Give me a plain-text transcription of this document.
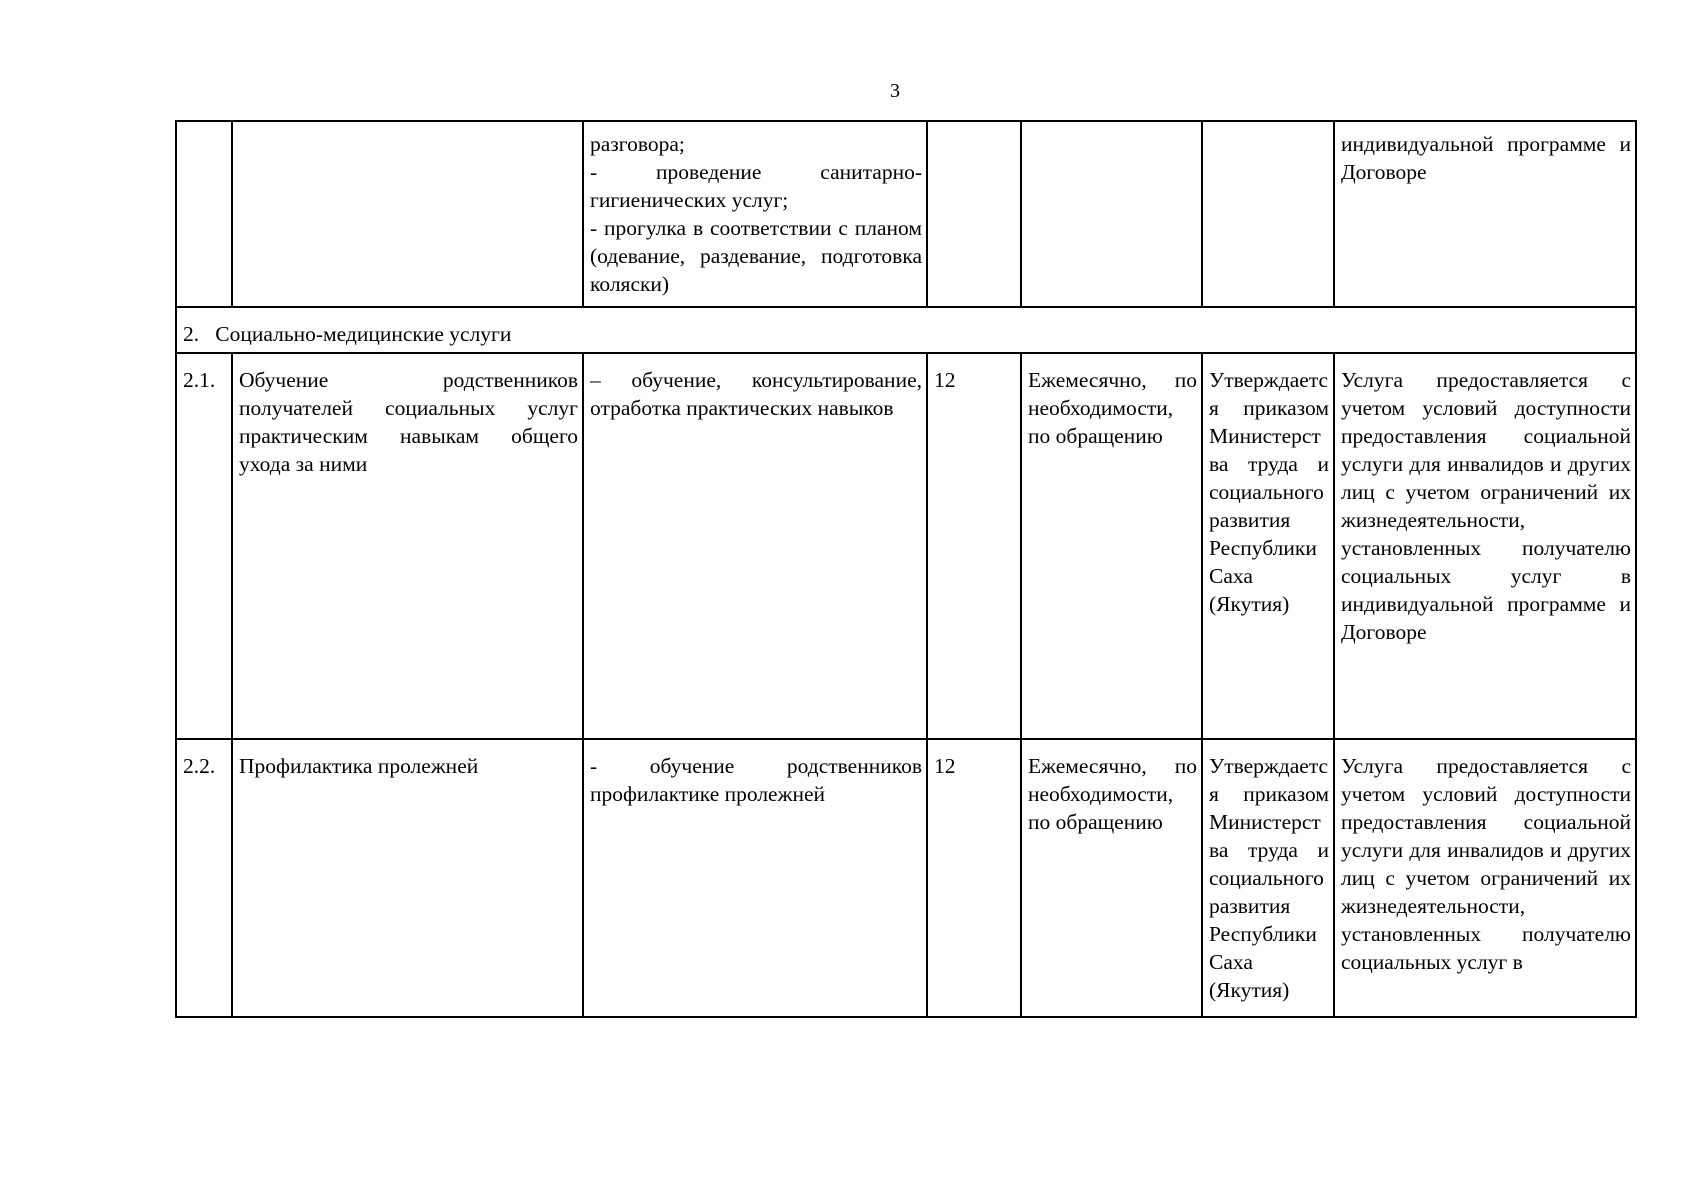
3

		разговора;
- проведение санитарно-гигиенических услуг;
- прогулка в соответствии с планом (одевание, раздевание, подготовка коляски)				индивидуальной программе и Договоре
2. Социально-медицинские услуги						
2.1.	Обучение родственников получателей социальных услуг практическим навыкам общего ухода за ними	– обучение, консультирование, отработка практических навыков	12	Ежемесячно, по необходимости, по обращению	Утверждается приказом Министерства труда и социального развития Республики Саха (Якутия)	Услуга предоставляется с учетом условий доступности предоставления социальной услуги для инвалидов и других лиц с учетом ограничений их жизнедеятельности, установленных получателю социальных услуг в индивидуальной программе и Договоре
2.2.	Профилактика пролежней	- обучение родственников профилактике пролежней	12	Ежемесячно, по необходимости, по обращению	Утверждается приказом Министерства труда и социального развития Республики Саха (Якутия)	Услуга предоставляется с учетом условий доступности предоставления социальной услуги для инвалидов и других лиц с учетом ограничений их жизнедеятельности, установленных получателю социальных услуг в
